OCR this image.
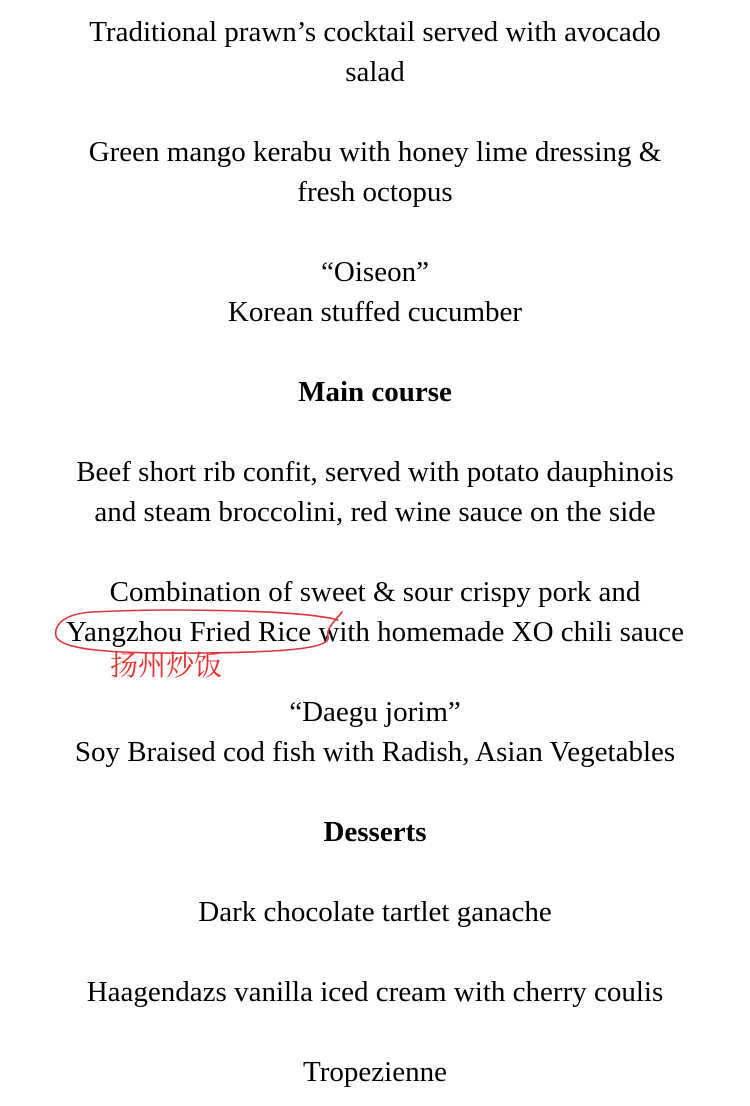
Traditional prawn’s cocktail served with avocado
salad
Green mango kerabu with honey lime dressing &
fresh octopus
“Oiseon”
Korean stuffed cucumber
Main course
Beef short rib confit, served with potato dauphinois
and steam broccolini, red wine sauce on the side
Combination of sweet & sour crispy pork and
Yangzhou Fried Rice
with homemade XO chili sauce
“Daegu jorim”
Soy Braised cod fish with Radish, Asian Vegetables
Desserts
Dark chocolate tartlet ganache
Haagendazs vanilla iced cream with cherry coulis
Tropezienne
扬州炒饭
